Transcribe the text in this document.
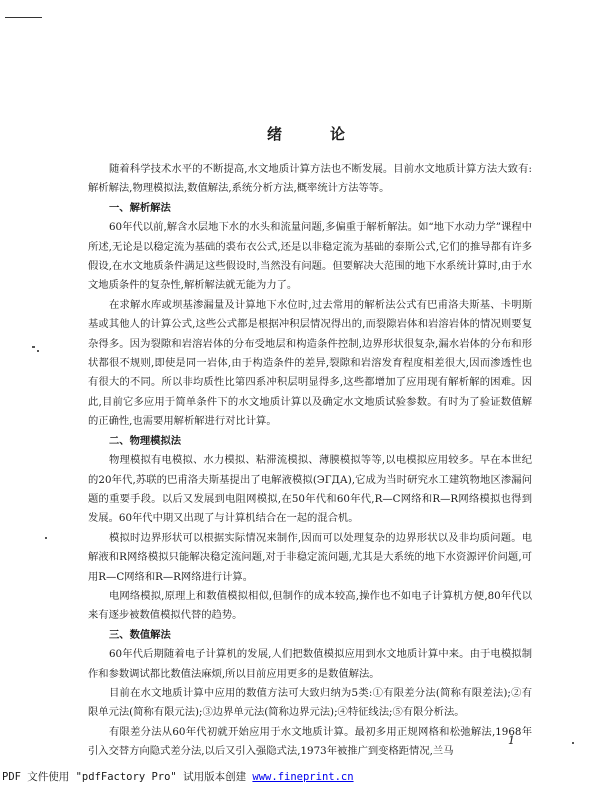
绪	论

随着科学技术水平的不断提高,水文地质计算方法也不断发展。目前水文地质计算方法大致有:解析解法,物理模拟法,数值解法,系统分析方法,概率统计方法等等。

一、解析解法

60年代以前,解含水层地下水的水头和流量问题,多偏重于解析解法。如“地下水动力学”课程中所述,无论是以稳定流为基础的裘布衣公式,还是以非稳定流为基础的泰斯公式,它们的推导都有许多假设,在水文地质条件满足这些假设时,当然没有问题。但要解决大范围的地下水系统计算时,由于水文地质条件的复杂性,解析解法就无能为力了。

在求解水库或坝基渗漏量及计算地下水位时,过去常用的解析法公式有巴甫洛夫斯基、卡明斯基或其他人的计算公式,这些公式都是根据冲积层情况得出的,而裂隙岩体和岩溶岩体的情况则要复杂得多。因为裂隙和岩溶岩体的分布受地层和构造条件控制,边界形状很复杂,漏水岩体的分布和形状都很不规则,即使是同一岩体,由于构造条件的差异,裂隙和岩溶发育程度相差很大,因而渗透性也有很大的不同。所以非均质性比第四系冲积层明显得多,这些都增加了应用现有解析解的困难。因此,目前它多应用于简单条件下的水文地质计算以及确定水文地质试验参数。有时为了验证数值解的正确性,也需要用解析解进行对比计算。

二、物理模拟法

物理模拟有电模拟、水力模拟、粘滞流模拟、薄膜模拟等等,以电模拟应用较多。早在本世纪的20年代,苏联的巴甫洛夫斯基提出了电解液模拟(ЭГДА),它成为当时研究水工建筑物地区渗漏问题的重要手段。以后又发展到电阻网模拟,在50年代和60年代,R—C网络和R—R网络模拟也得到发展。60年代中期又出现了与计算机结合在一起的混合机。

模拟时边界形状可以根据实际情况来制作,因而可以处理复杂的边界形状以及非均质问题。电解液和R网络模拟只能解决稳定流问题,对于非稳定流问题,尤其是大系统的地下水资源评价问题,可用R—C网络和R—R网络进行计算。

电网络模拟,原理上和数值模拟相似,但制作的成本较高,操作也不如电子计算机方便,80年代以来有逐步被数值模拟代替的趋势。

三、数值解法

60年代后期随着电子计算机的发展,人们把数值模拟应用到水文地质计算中来。由于电模拟制作和参数调试都比数值法麻烦,所以目前应用更多的是数值解法。

目前在水文地质计算中应用的数值方法可大致归纳为5类:①有限差分法(简称有限差法);②有限单元法(简称有限元法);③边界单元法(简称边界元法);④特征线法;⑤有限分析法。

有限差分法从60年代初就开始应用于水文地质计算。最初多用正规网格和松弛解法,1968年引入交替方向隐式差分法,以后又引入强隐式法,1973年被推广到变格距情况,兰马

1
PDF 文件使用 "pdfFactory Pro" 试用版本创建 www.fineprint.cn
